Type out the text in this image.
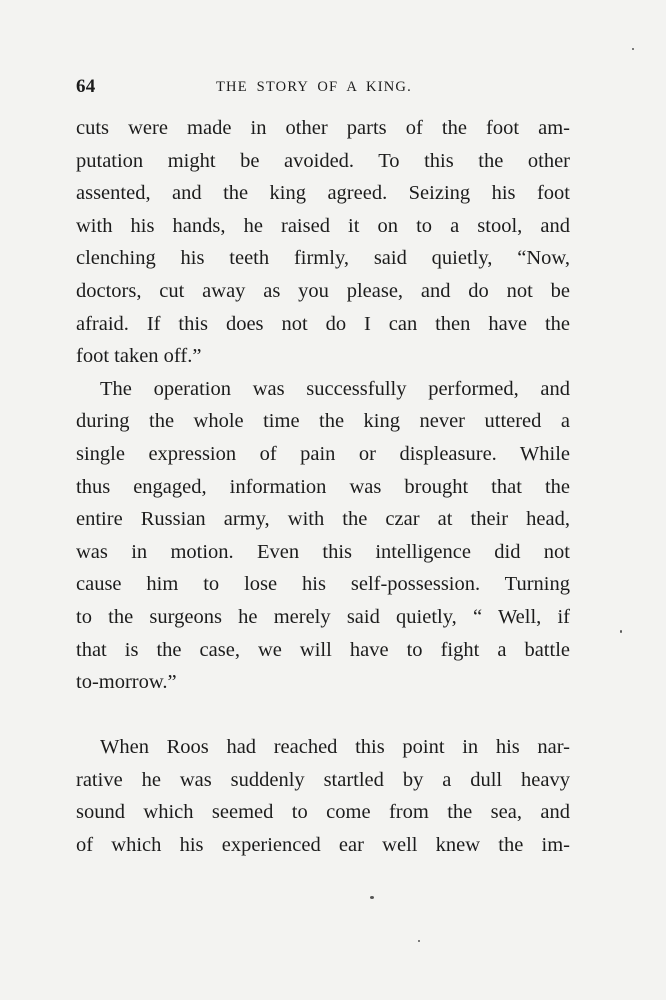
64	THE STORY OF A KING.
cuts were made in other parts of the foot am-
putation might be avoided. To this the other
assented, and the king agreed. Seizing his foot
with his hands, he raised it on to a stool, and
clenching his teeth firmly, said quietly, “Now,
doctors, cut away as you please, and do not be
afraid. If this does not do I can then have the
foot taken off.”
The operation was successfully performed, and
during the whole time the king never uttered a
single expression of pain or displeasure. While
thus engaged, information was brought that the
entire Russian army, with the czar at their head,
was in motion. Even this intelligence did not
cause him to lose his self-possession. Turning
to the surgeons he merely said quietly, “ Well, if
that is the case, we will have to fight a battle
to-morrow.”
When Roos had reached this point in his nar-
rative he was suddenly startled by a dull heavy
sound which seemed to come from the sea, and
of which his experienced ear well knew the im-
